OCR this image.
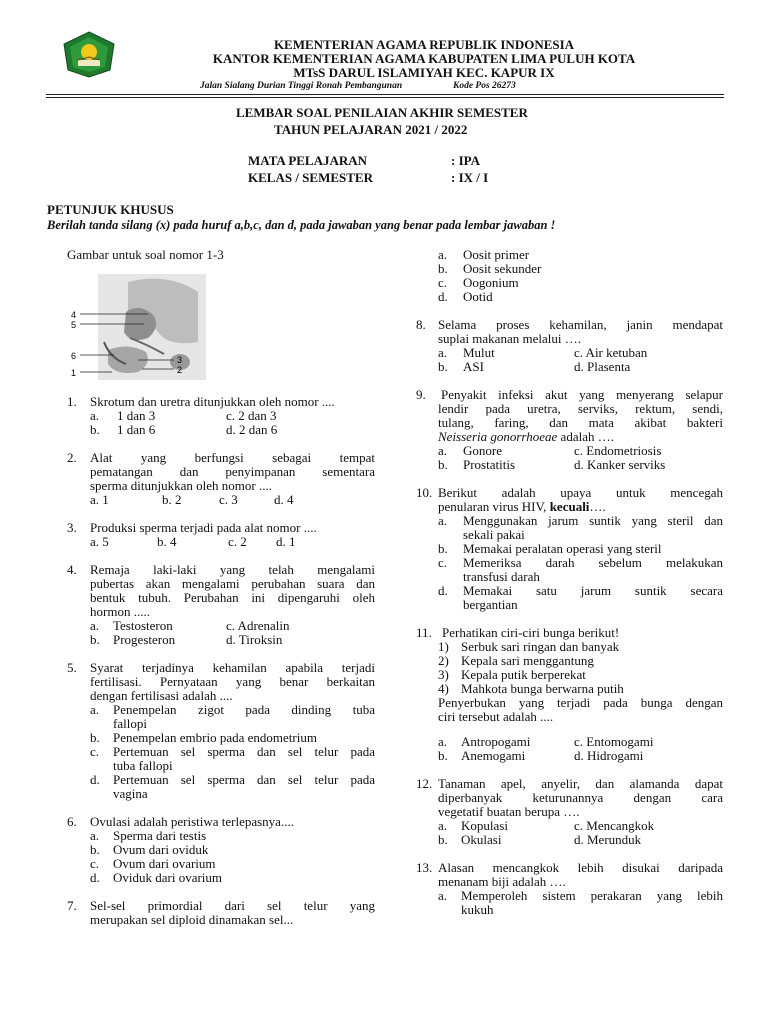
KEMENTERIAN AGAMA REPUBLIK INDONESIA
KANTOR KEMENTERIAN AGAMA KABUPATEN LIMA PULUH KOTA
MTsS DARUL ISLAMIYAH KEC. KAPUR IX
Jalan Sialang Durian Tinggi Ronah Pembangunan	Kode Pos 26273
LEMBAR SOAL PENILAIAN AKHIR SEMESTER
TAHUN PELAJARAN 2021 / 2022
MATA PELAJARAN	: IPA
KELAS / SEMESTER	: IX / I
PETUNJUK KHUSUS
Berilah tanda silang (x) pada huruf a,b,c, dan d, pada jawaban yang benar pada lembar jawaban !
Gambar untuk soal nomor 1-3
4
5
6
1
3
2
1. Skrotum dan uretra ditunjukkan oleh nomor ....
a. 1 dan 3	c. 2 dan 3
b. 1 dan 6	d. 2 dan 6
2. Alat yang berfungsi sebagai tempat
pematangan dan penyimpanan sementara
sperma ditunjukkan oleh nomor ....
a. 1	b. 2	c. 3	d. 4
3. Produksi sperma terjadi pada alat nomor ....
a. 5	b. 4	c. 2 d. 1
4. Remaja laki-laki yang telah mengalami
pubertas akan mengalami perubahan suara dan
bentuk tubuh. Perubahan ini dipengaruhi oleh
hormon .....
a. Testosteron	c. Adrenalin
b. Progesteron	d. Tiroksin
5. Syarat terjadinya kehamilan apabila terjadi
fertilisasi. Pernyataan yang benar berkaitan
dengan fertilisasi adalah ....
a. Penempelan zigot pada dinding tuba
fallopi
b. Penempelan embrio pada endometrium
c. Pertemuan sel sperma dan sel telur pada
tuba fallopi
d. Pertemuan sel sperma dan sel telur pada
vagina
6. Ovulasi adalah peristiwa terlepasnya....
a. Sperma dari testis
b. Ovum dari oviduk
c. Ovum dari ovarium
d. Oviduk dari ovarium
7. Sel-sel primordial dari sel telur yang
merupakan sel diploid dinamakan sel...
a. Oosit primer
b. Oosit sekunder
c. Oogonium
d. Ootid
8. Selama proses kehamilan, janin mendapat
suplai makanan melalui ….
a. Mulut	c. Air ketuban
b. ASI	d. Plasenta
9. Penyakit infeksi akut yang menyerang selapur
lendir pada uretra, serviks, rektum, sendi,
tulang, faring, dan mata akibat bakteri
Neisseria gonorrhoeae adalah ….
a. Gonore	c. Endometriosis
b. Prostatitis	d. Kanker serviks
10. Berikut adalah upaya untuk mencegah
penularan virus HIV, kecuali….
a. Menggunakan jarum suntik yang steril dan
sekali pakai
b. Memakai peralatan operasi yang steril
c. Memeriksa darah sebelum melakukan
transfusi darah
d. Memakai satu jarum suntik secara
bergantian
11. Perhatikan ciri-ciri bunga berikut!
1) Serbuk sari ringan dan banyak
2) Kepala sari menggantung
3) Kepala putik berperekat
4) Mahkota bunga berwarna putih
Penyerbukan yang terjadi pada bunga dengan
ciri tersebut adalah ....
a. Antropogami	c. Entomogami
b. Anemogami	d. Hidrogami
12. Tanaman apel, anyelir, dan alamanda dapat
diperbanyak keturunannya dengan cara
vegetatif buatan berupa ….
a. Kopulasi	c. Mencangkok
b. Okulasi	d. Merunduk
13. Alasan mencangkok lebih disukai daripada
menanam biji adalah ….
a. Memperoleh sistem perakaran yang lebih
kukuh
